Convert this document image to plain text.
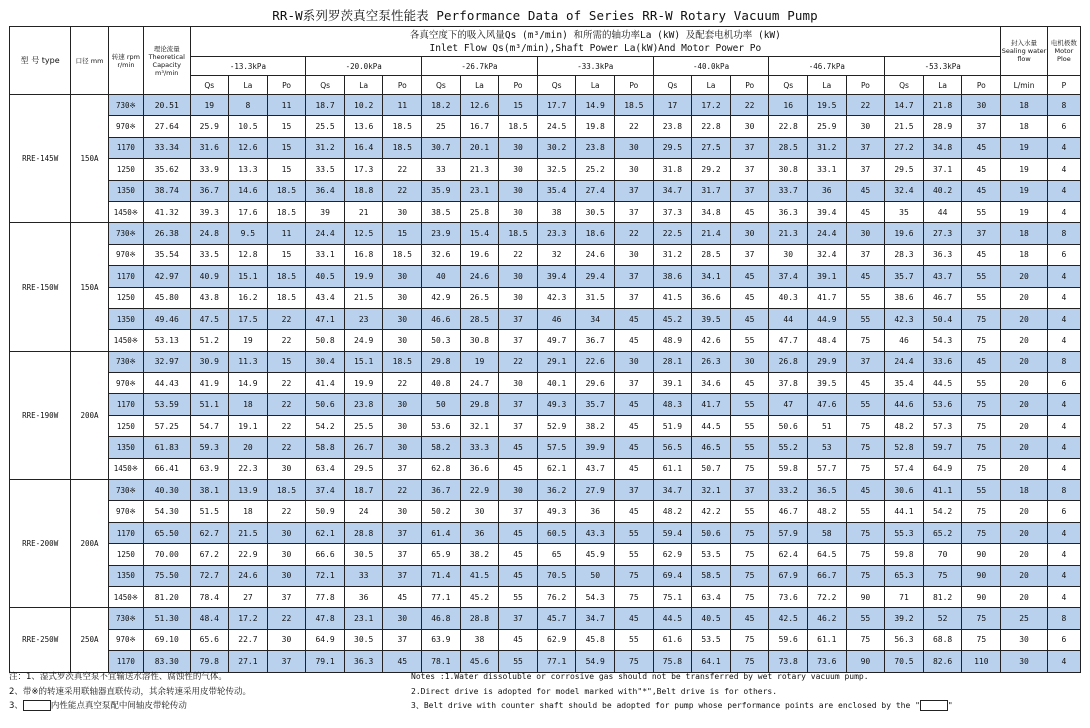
RR-W系列罗茨真空泵性能表 Performance Data of Series RR-W Rotary Vacuum Pump
型 号 type	口径 mm	转速 rpm r/min	理论流量 Theoretical Capacity m³/min	各真空度下的吸入风量Qs (m³/min) 和所需的轴功率La (kW) 及配套电机功率 (kW)
Inlet Flow Qs(m³/min),Shaft Power La(kW)And Motor Power Po																					封入水量 Sealing water flow	电机极数 Motor Ploe
				-13.3kPa			-20.0kPa			-26.7kPa			-33.3kPa			-40.0kPa			-46.7kPa			-53.3kPa				
				Qs	La	Po	Qs	La	Po	Qs	La	Po	Qs	La	Po	Qs	La	Po	Qs	La	Po	Qs	La	Po	L/min	P
RRE-145W	150A	730※	20.51	19	8	11	18.7	10.2	11	18.2	12.6	15	17.7	14.9	18.5	17	17.2	22	16	19.5	22	14.7	21.8	30	18	8
		970※	27.64	25.9	10.5	15	25.5	13.6	18.5	25	16.7	18.5	24.5	19.8	22	23.8	22.8	30	22.8	25.9	30	21.5	28.9	37	18	6
		1170	33.34	31.6	12.6	15	31.2	16.4	18.5	30.7	20.1	30	30.2	23.8	30	29.5	27.5	37	28.5	31.2	37	27.2	34.8	45	19	4
		1250	35.62	33.9	13.3	15	33.5	17.3	22	33	21.3	30	32.5	25.2	30	31.8	29.2	37	30.8	33.1	37	29.5	37.1	45	19	4
		1350	38.74	36.7	14.6	18.5	36.4	18.8	22	35.9	23.1	30	35.4	27.4	37	34.7	31.7	37	33.7	36	45	32.4	40.2	45	19	4
		1450※	41.32	39.3	17.6	18.5	39	21	30	38.5	25.8	30	38	30.5	37	37.3	34.8	45	36.3	39.4	45	35	44	55	19	4
RRE-150W	150A	730※	26.38	24.8	9.5	11	24.4	12.5	15	23.9	15.4	18.5	23.3	18.6	22	22.5	21.4	30	21.3	24.4	30	19.6	27.3	37	18	8
		970※	35.54	33.5	12.8	15	33.1	16.8	18.5	32.6	19.6	22	32	24.6	30	31.2	28.5	37	30	32.4	37	28.3	36.3	45	18	6
		1170	42.97	40.9	15.1	18.5	40.5	19.9	30	40	24.6	30	39.4	29.4	37	38.6	34.1	45	37.4	39.1	45	35.7	43.7	55	20	4
		1250	45.80	43.8	16.2	18.5	43.4	21.5	30	42.9	26.5	30	42.3	31.5	37	41.5	36.6	45	40.3	41.7	55	38.6	46.7	55	20	4
		1350	49.46	47.5	17.5	22	47.1	23	30	46.6	28.5	37	46	34	45	45.2	39.5	45	44	44.9	55	42.3	50.4	75	20	4
		1450※	53.13	51.2	19	22	50.8	24.9	30	50.3	30.8	37	49.7	36.7	45	48.9	42.6	55	47.7	48.4	75	46	54.3	75	20	4
RRE-190W	200A	730※	32.97	30.9	11.3	15	30.4	15.1	18.5	29.8	19	22	29.1	22.6	30	28.1	26.3	30	26.8	29.9	37	24.4	33.6	45	20	8
		970※	44.43	41.9	14.9	22	41.4	19.9	22	40.8	24.7	30	40.1	29.6	37	39.1	34.6	45	37.8	39.5	45	35.4	44.5	55	20	6
		1170	53.59	51.1	18	22	50.6	23.8	30	50	29.8	37	49.3	35.7	45	48.3	41.7	55	47	47.6	55	44.6	53.6	75	20	4
		1250	57.25	54.7	19.1	22	54.2	25.5	30	53.6	32.1	37	52.9	38.2	45	51.9	44.5	55	50.6	51	75	48.2	57.3	75	20	4
		1350	61.83	59.3	20	22	58.8	26.7	30	58.2	33.3	45	57.5	39.9	45	56.5	46.5	55	55.2	53	75	52.8	59.7	75	20	4
		1450※	66.41	63.9	22.3	30	63.4	29.5	37	62.8	36.6	45	62.1	43.7	45	61.1	50.7	75	59.8	57.7	75	57.4	64.9	75	20	4
RRE-200W	200A	730※	40.30	38.1	13.9	18.5	37.4	18.7	22	36.7	22.9	30	36.2	27.9	37	34.7	32.1	37	33.2	36.5	45	30.6	41.1	55	18	8
		970※	54.30	51.5	18	22	50.9	24	30	50.2	30	37	49.3	36	45	48.2	42.2	55	46.7	48.2	55	44.1	54.2	75	20	6
		1170	65.50	62.7	21.5	30	62.1	28.8	37	61.4	36	45	60.5	43.3	55	59.4	50.6	75	57.9	58	75	55.3	65.2	75	20	4
		1250	70.00	67.2	22.9	30	66.6	30.5	37	65.9	38.2	45	65	45.9	55	62.9	53.5	75	62.4	64.5	75	59.8	70	90	20	4
		1350	75.50	72.7	24.6	30	72.1	33	37	71.4	41.5	45	70.5	50	75	69.4	58.5	75	67.9	66.7	75	65.3	75	90	20	4
		1450※	81.20	78.4	27	37	77.8	36	45	77.1	45.2	55	76.2	54.3	75	75.1	63.4	75	73.6	72.2	90	71	81.2	90	20	4
RRE-250W	250A	730※	51.30	48.4	17.2	22	47.8	23.1	30	46.8	28.8	37	45.7	34.7	45	44.5	40.5	45	42.5	46.2	55	39.2	52	75	25	8
		970※	69.10	65.6	22.7	30	64.9	30.5	37	63.9	38	45	62.9	45.8	55	61.6	53.5	75	59.6	61.1	75	56.3	68.8	75	30	6
		1170	83.30	79.8	27.1	37	79.1	36.3	45	78.1	45.6	55	77.1	54.9	75	75.8	64.1	75	73.8	73.6	90	70.5	82.6	110	30	4
注：1、湿式罗茨真空泵不宜输送水溶性、腐蚀性的气体。
2、带※的转速采用联轴器直联传动，其余转速采用皮带轮传动。
3、	内性能点真空泵配中间轴皮带轮传动
Notes :1.Water dissoluble or corrosive gas should not be transferred by wet rotary vacuum pump.
2.Direct drive is adopted for model marked with"*",Belt drive is for others.
3、Belt drive with counter shaft should be adopted for pump whose performance points are enclosed by the "	"
